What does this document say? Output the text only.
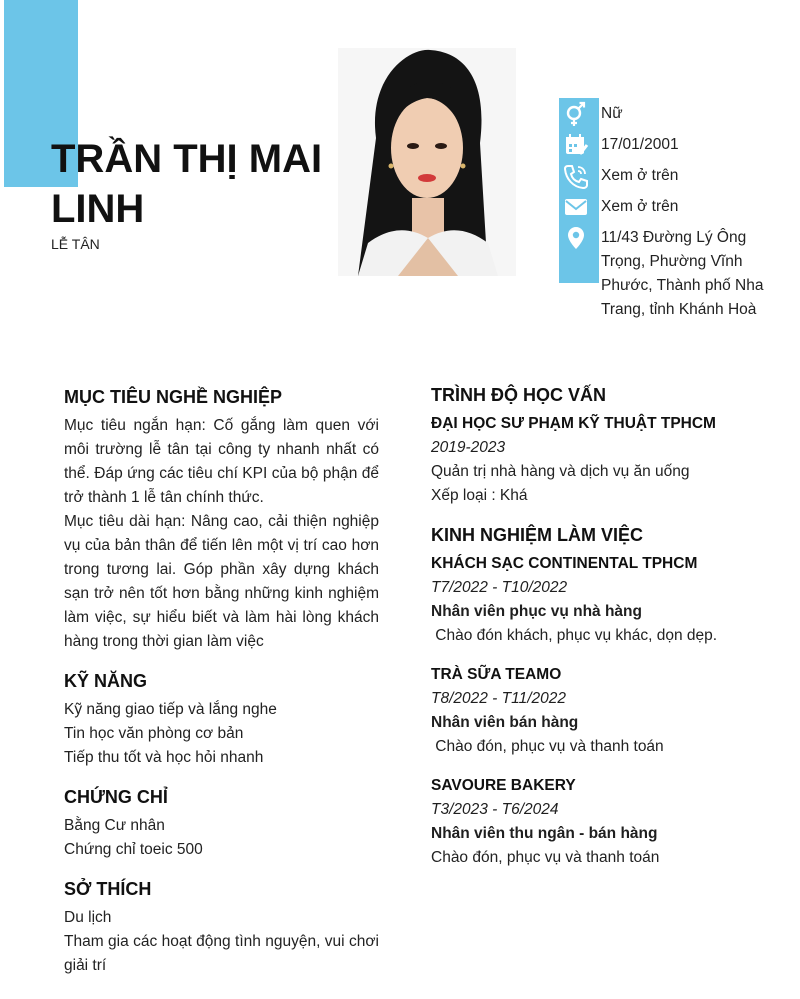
TRẦN THỊ MAI LINH
LỄ TÂN
Nữ
17/01/2001
Xem ở trên
Xem ở trên
11/43 Đường Lý Ông Trọng, Phường Vĩnh Phước, Thành phố Nha Trang, tỉnh Khánh Hoà
MỤC TIÊU NGHỀ NGHIỆP

Mục tiêu ngắn hạn: Cố gắng làm quen với môi trường lễ tân tại công ty nhanh nhất có thể. Đáp ứng các tiêu chí KPI của bộ phận để trở thành 1 lễ tân chính thức.

Mục tiêu dài hạn: Nâng cao, cải thiện nghiệp vụ của bản thân để tiến lên một vị trí cao hơn trong tương lai. Góp phần xây dựng khách sạn trở nên tốt hơn bằng những kinh nghiệm làm việc, sự hiểu biết và làm hài lòng khách hàng trong thời gian làm việc

KỸ NĂNG
Kỹ năng giao tiếp và lắng nghe
Tin học văn phòng cơ bản
Tiếp thu tốt và học hỏi nhanh
CHỨNG CHỈ
Bằng Cư nhân
Chứng chỉ toeic 500
SỞ THÍCH
Du lịch
Tham gia các hoạt động tình nguyện, vui chơi giải trí
TRÌNH ĐỘ HỌC VẤN
ĐẠI HỌC SƯ PHẠM KỸ THUẬT TPHCM
2019-2023
Quản trị nhà hàng và dịch vụ ăn uống
Xếp loại : Khá
KINH NGHIỆM LÀM VIỆC
KHÁCH SẠC CONTINENTAL TPHCM
T7/2022 - T10/2022
Nhân viên phục vụ nhà hàng
Chào đón khách, phục vụ khác, dọn dẹp.
TRÀ SỮA TEAMO
T8/2022 - T11/2022
Nhân viên bán hàng
Chào đón, phục vụ và thanh toán
SAVOURE BAKERY
T3/2023 - T6/2024
Nhân viên thu ngân - bán hàng
Chào đón, phục vụ và thanh toán
